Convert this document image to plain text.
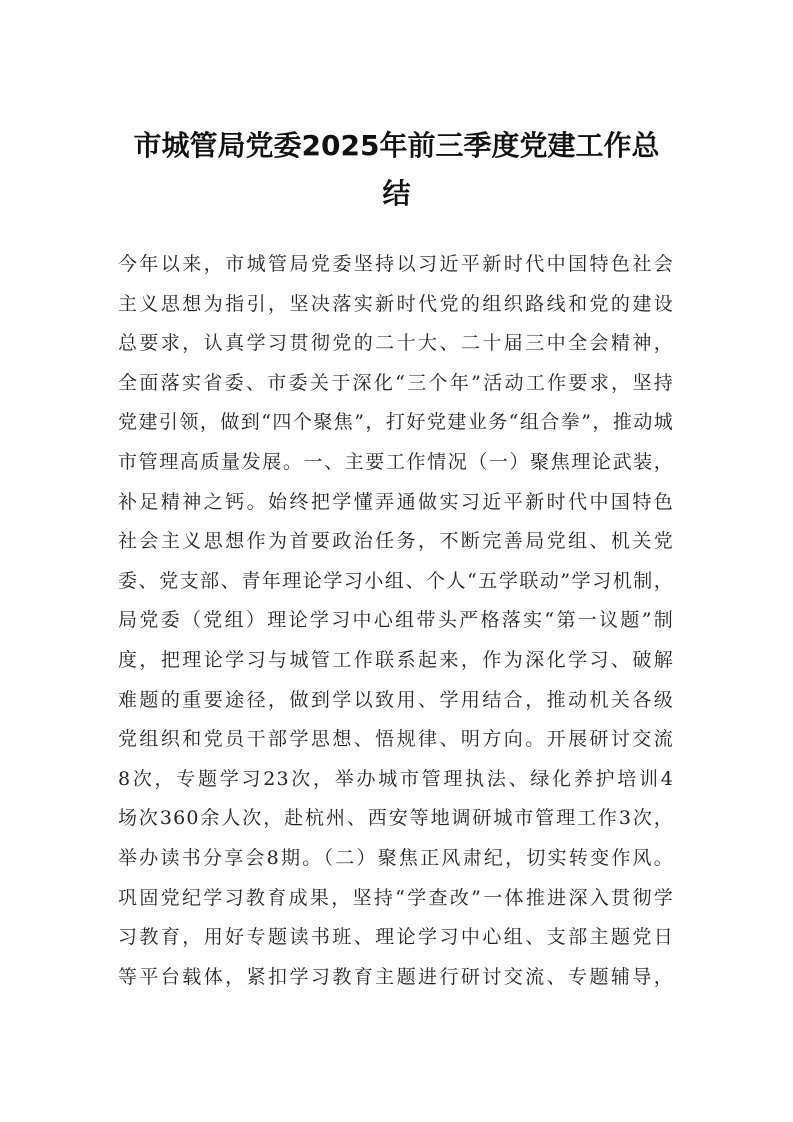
市城管局党委2025年前三季度党建工作总
结
今年以来，市城管局党委坚持以习近平新时代中国特色社会
主义思想为指引，坚决落实新时代党的组织路线和党的建设
总要求，认真学习贯彻党的二十大、二十届三中全会精神，
全面落实省委、市委关于深化“三个年”活动工作要求，坚持
党建引领，做到“四个聚焦”，打好党建业务“组合拳”，推动城
市管理高质量发展。一、主要工作情况（一）聚焦理论武装，
补足精神之钙。始终把学懂弄通做实习近平新时代中国特色
社会主义思想作为首要政治任务，不断完善局党组、机关党
委、党支部、青年理论学习小组、个人“五学联动”学习机制，
局党委（党组）理论学习中心组带头严格落实“第一议题”制
度，把理论学习与城管工作联系起来，作为深化学习、破解
难题的重要途径，做到学以致用、学用结合，推动机关各级
党组织和党员干部学思想、悟规律、明方向。开展研讨交流
8次，专题学习23次，举办城市管理执法、绿化养护培训4
场次360余人次，赴杭州、西安等地调研城市管理工作3次，
举办读书分享会8期。（二）聚焦正风肃纪，切实转变作风。
巩固党纪学习教育成果，坚持“学查改”一体推进深入贯彻学
习教育，用好专题读书班、理论学习中心组、支部主题党日
等平台载体，紧扣学习教育主题进行研讨交流、专题辅导，
